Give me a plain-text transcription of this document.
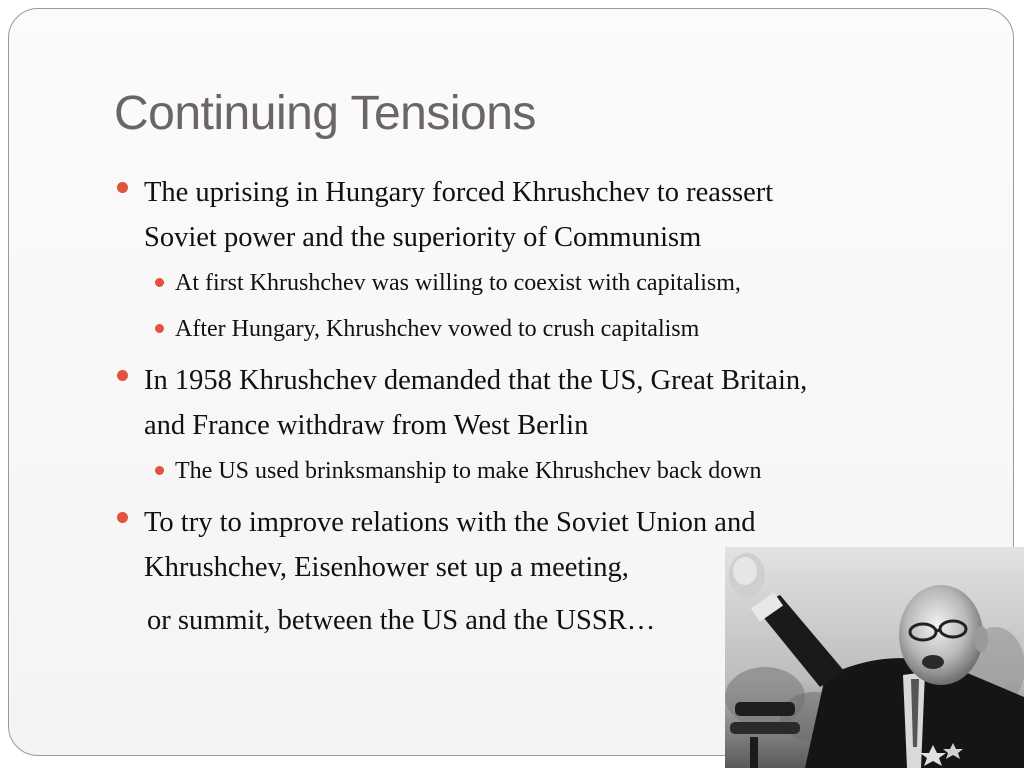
Continuing Tensions

The uprising in Hungary forced Khrushchev to reassert
Soviet power and the superiority of Communism

At first Khrushchev was willing to coexist with capitalism,

After Hungary, Khrushchev vowed to crush capitalism

In 1958 Khrushchev demanded that the US, Great Britain,
and France withdraw from West Berlin

The US used brinksmanship to make Khrushchev back down

To try to improve relations with the Soviet Union and
Khrushchev, Eisenhower set up a meeting,

or summit, between the US and the USSR…
